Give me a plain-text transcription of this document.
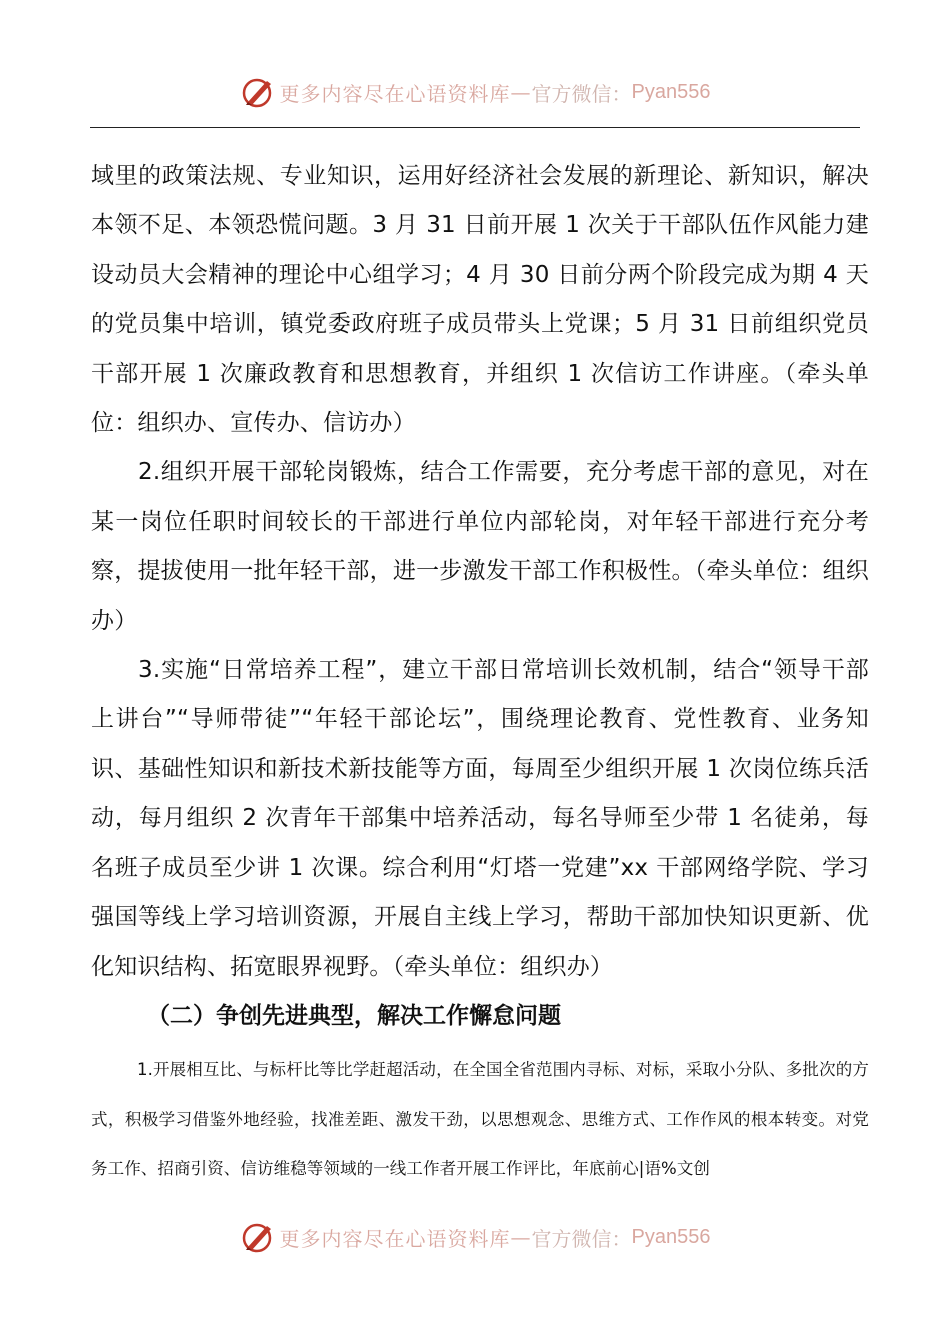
更多内容尽在心语资料库 — 官方微信： Pyan556

域里的政策法规、专业知识，运用好经济社会发展的新理论、新知识，解决本领不足、本领恐慌问题。3 月 31 日前开展 1 次关于干部队伍作风能力建设动员大会精神的理论中心组学习；4 月 30 日前分两个阶段完成为期 4 天的党员集中培训，镇党委政府班子成员带头上党课；5 月 31 日前组织党员干部开展 1 次廉政教育和思想教育，并组织 1 次信访工作讲座。（牵头单位：组织办、宣传办、信访办）

2.组织开展干部轮岗锻炼，结合工作需要，充分考虑干部的意见，对在某一岗位任职时间较长的干部进行单位内部轮岗，对年轻干部进行充分考察，提拔使用一批年轻干部，进一步激发干部工作积极性。（牵头单位：组织办）

3.实施“日常培养工程”，建立干部日常培训长效机制，结合“领导干部上讲台”“导师带徒”“年轻干部论坛”，围绕理论教育、党性教育、业务知识、基础性知识和新技术新技能等方面，每周至少组织开展 1 次岗位练兵活动，每月组织 2 次青年干部集中培养活动，每名导师至少带 1 名徒弟，每名班子成员至少讲 1 次课。综合利用“灯塔一党建”xx 干部网络学院、学习强国等线上学习培训资源，开展自主线上学习，帮助干部加快知识更新、优化知识结构、拓宽眼界视野。（牵头单位：组织办）

（二）争创先进典型，解决工作懈怠问题

1.开展相互比、与标杆比等比学赶超活动，在全国全省范围内寻标、对标，采取小分队、多批次的方式，积极学习借鉴外地经验，找准差距、激发干劲，以思想观念、思维方式、工作作风的根本转变。对党务工作、招商引资、信访维稳等领域的一线工作者开展工作评比，年底前心|语%文创

更多内容尽在心语资料库 — 官方微信： Pyan556
